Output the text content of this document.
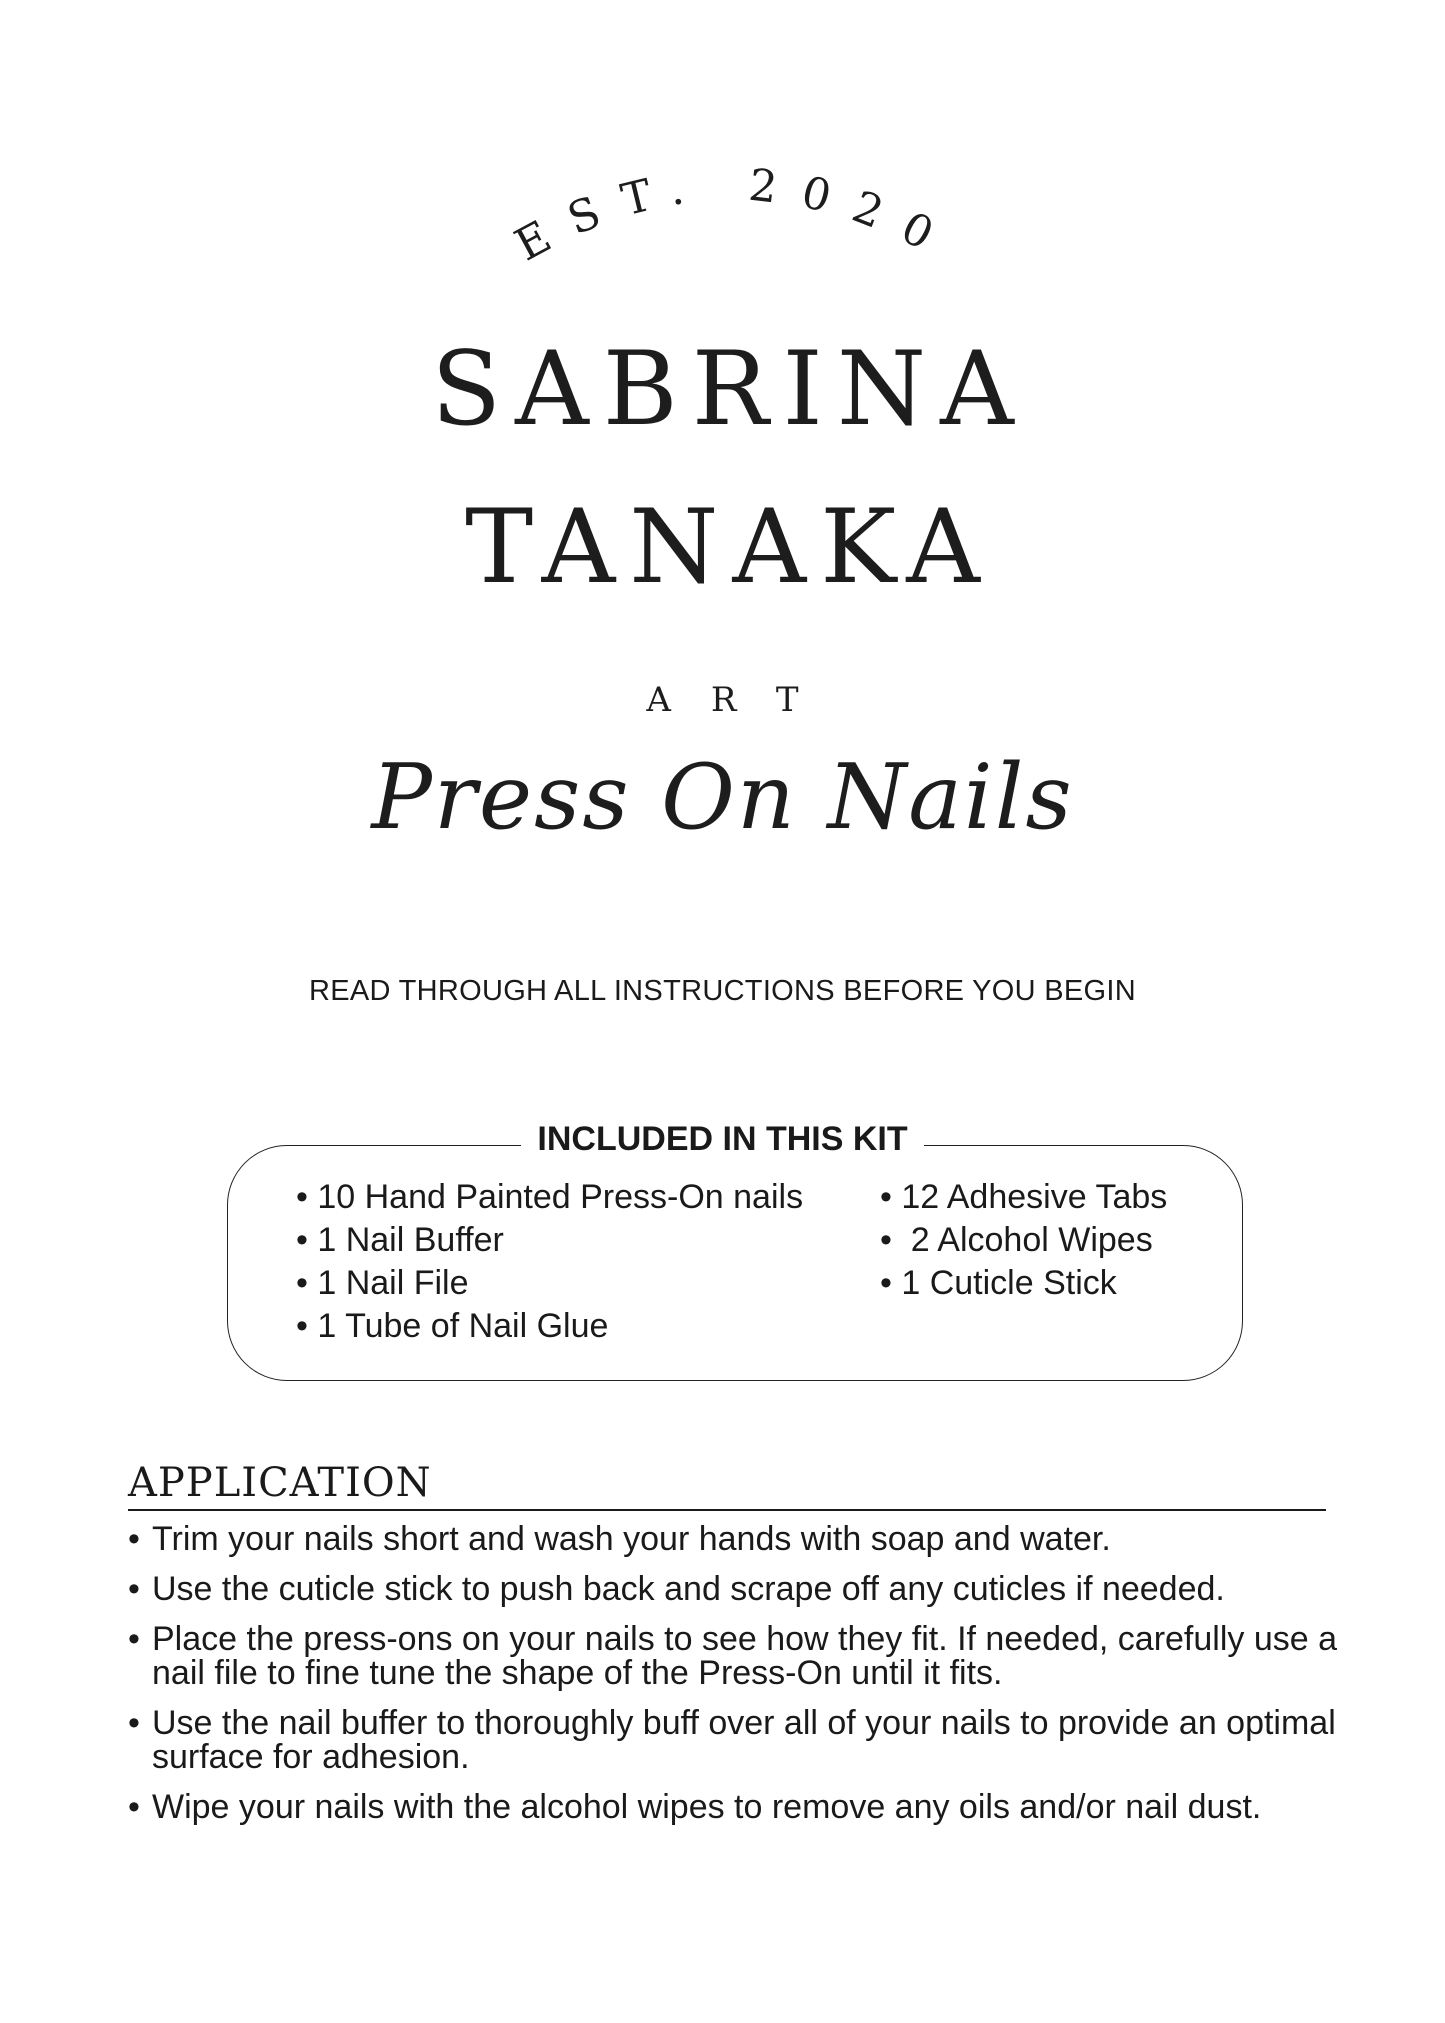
EST. 2020
SABRINA
TANAKA
ART
Press On Nails
READ THROUGH ALL INSTRUCTIONS BEFORE YOU BEGIN
INCLUDED IN THIS KIT
• 10 Hand Painted Press-On nails
• 1 Nail Buffer
• 1 Nail File
• 1 Tube of Nail Glue
• 12 Adhesive Tabs
•  2 Alcohol Wipes
• 1 Cuticle Stick
APPLICATION
• Trim your nails short and wash your hands with soap and water.
• Use the cuticle stick to push back and scrape off any cuticles if needed.
• Place the press-ons on your nails to see how they fit. If needed, carefully use a nail file to fine tune the shape of the Press-On until it fits.
• Use the nail buffer to thoroughly buff over all of your nails to provide an optimal surface for adhesion.
• Wipe your nails with the alcohol wipes to remove any oils and/or nail dust.
